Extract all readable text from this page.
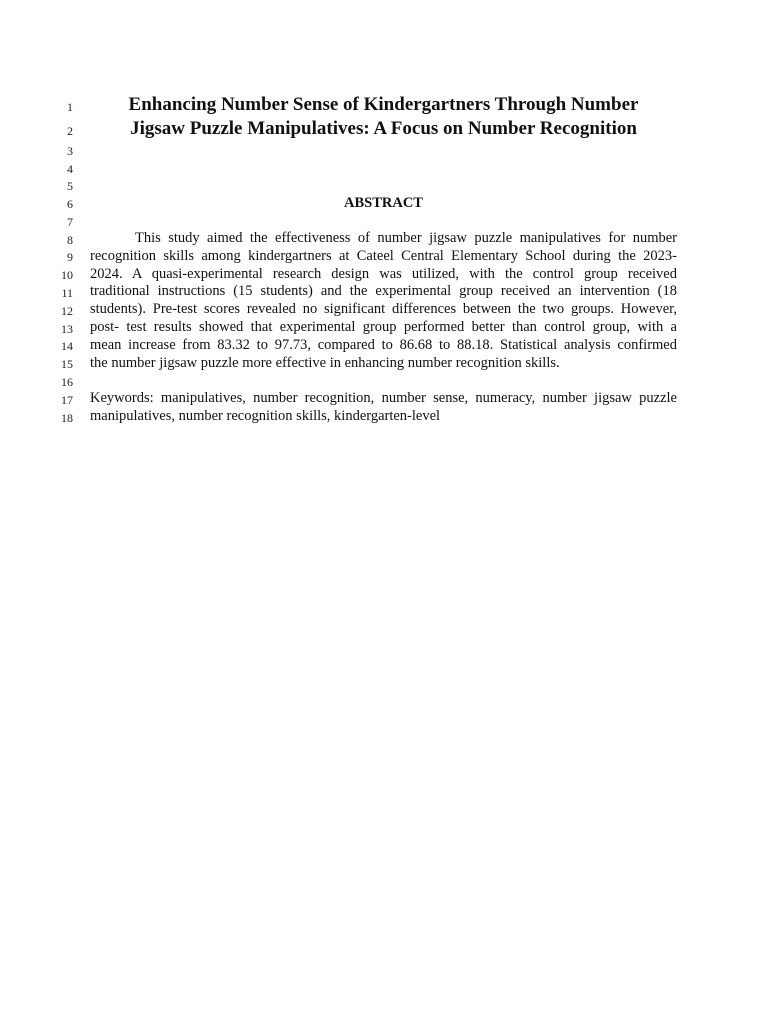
1
2
3
4
5
6
7
8
9
10
11
12
13
14
15
16
17
18
Enhancing Number Sense of Kindergartners Through Number
Jigsaw Puzzle Manipulatives: A Focus on Number Recognition
ABSTRACT
This study aimed the effectiveness of number jigsaw puzzle manipulatives for number
recognition skills among kindergartners at Cateel Central Elementary School during the 2023-
2024. A quasi-experimental research design was utilized, with the control group received
traditional instructions (15 students) and the experimental group received an intervention (18
students). Pre-test scores revealed no significant differences between the two groups. However,
post- test results showed that experimental group performed better than control group, with a
mean increase from 83.32 to 97.73, compared to 86.68 to 88.18. Statistical analysis confirmed
the number jigsaw puzzle more effective in enhancing number recognition skills.
Keywords: manipulatives, number recognition, number sense, numeracy, number jigsaw puzzle
manipulatives, number recognition skills, kindergarten-level
